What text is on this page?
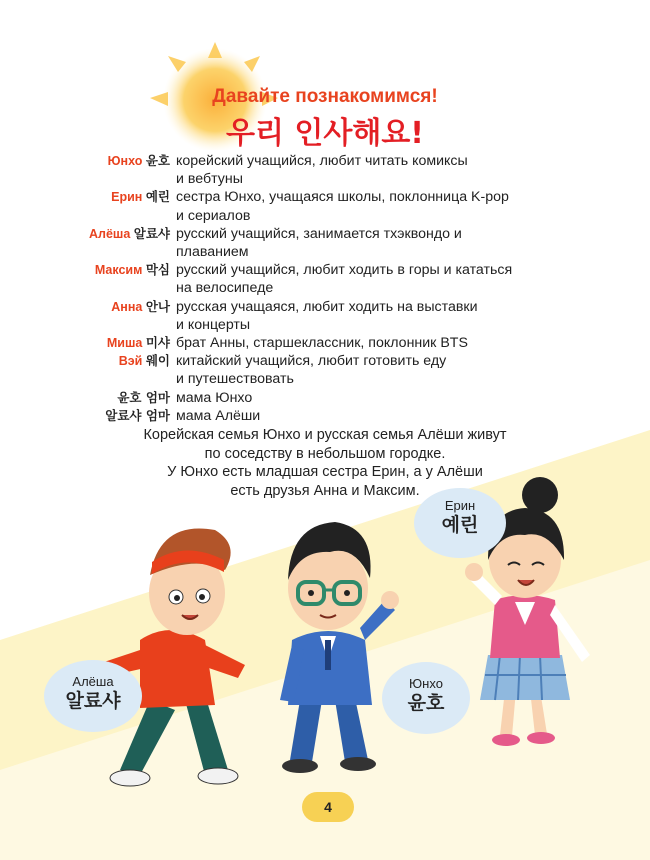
Давайте познакомимся!
우리 인사해요!
Юнхо 윤호 корейский учащийся, любит читать комиксы
и вебтуны
Ерин 예린 сестра Юнхо, учащаяся школы, поклонница K-pop
и сериалов
Алёша 알료샤 русский учащийся, занимается тхэквондо и
плаванием
Максим 막심 русский учащийся, любит ходить в горы и кататься
на велосипеде
Анна 안나 русская учащаяся, любит ходить на выставки
и концерты
Миша 미샤
Вэй 웨이
брат Анны, старшеклассник, поклонник BTS
китайский учащийся, любит готовить еду
и путешествовать
윤호 엄마
알료샤 엄마
мама Юнхо
мама Алёши
Корейская семья Юнхо и русская семья Алёши живут
по соседству в небольшом городке.
У Юнхо есть младшая сестра Ерин, а у Алёши
есть друзья Анна и Максим.
Ерин
예린
Алёша
알료샤
Юнхо
윤호
4
